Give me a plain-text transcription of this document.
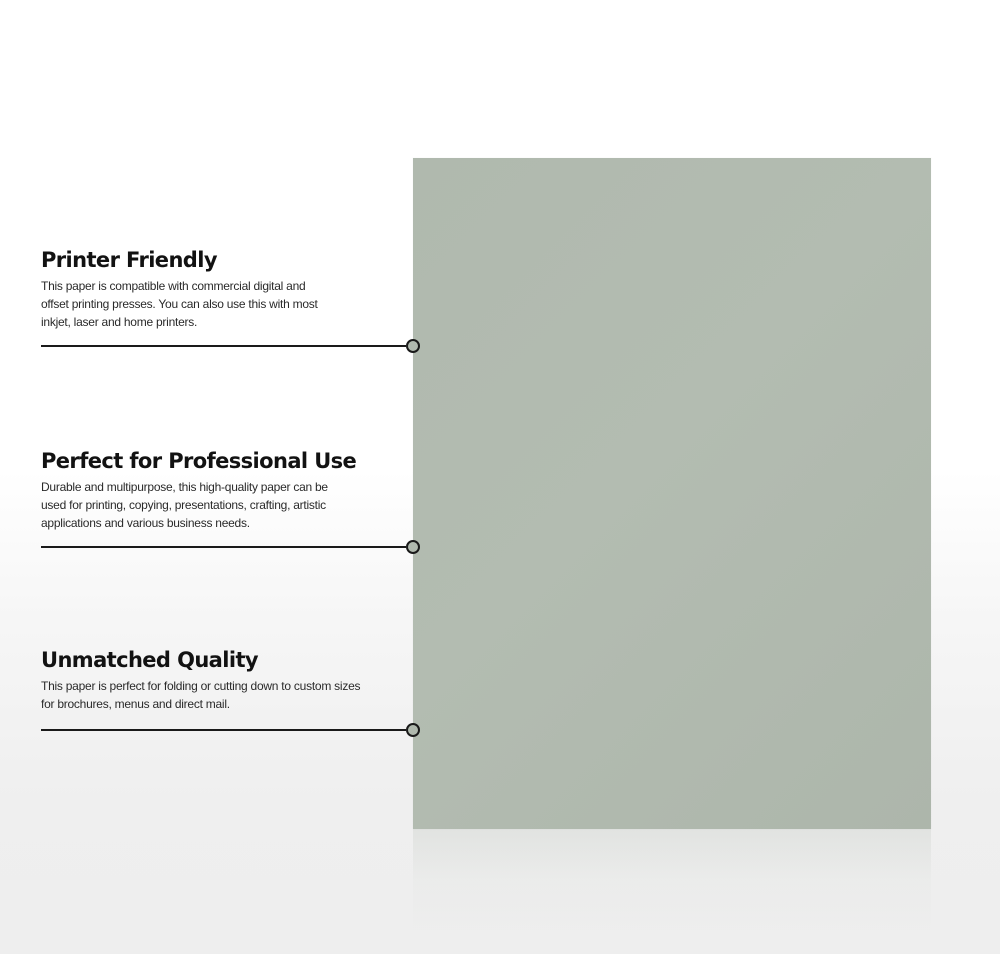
Printer Friendly

This paper is compatible with commercial digital and
offset printing presses. You can also use this with most
inkjet, laser and home printers.

Perfect for Professional Use

Durable and multipurpose, this high-quality paper can be
used for printing, copying, presentations, crafting, artistic
applications and various business needs.

Unmatched Quality

This paper is perfect for folding or cutting down to custom sizes
for brochures, menus and direct mail.
